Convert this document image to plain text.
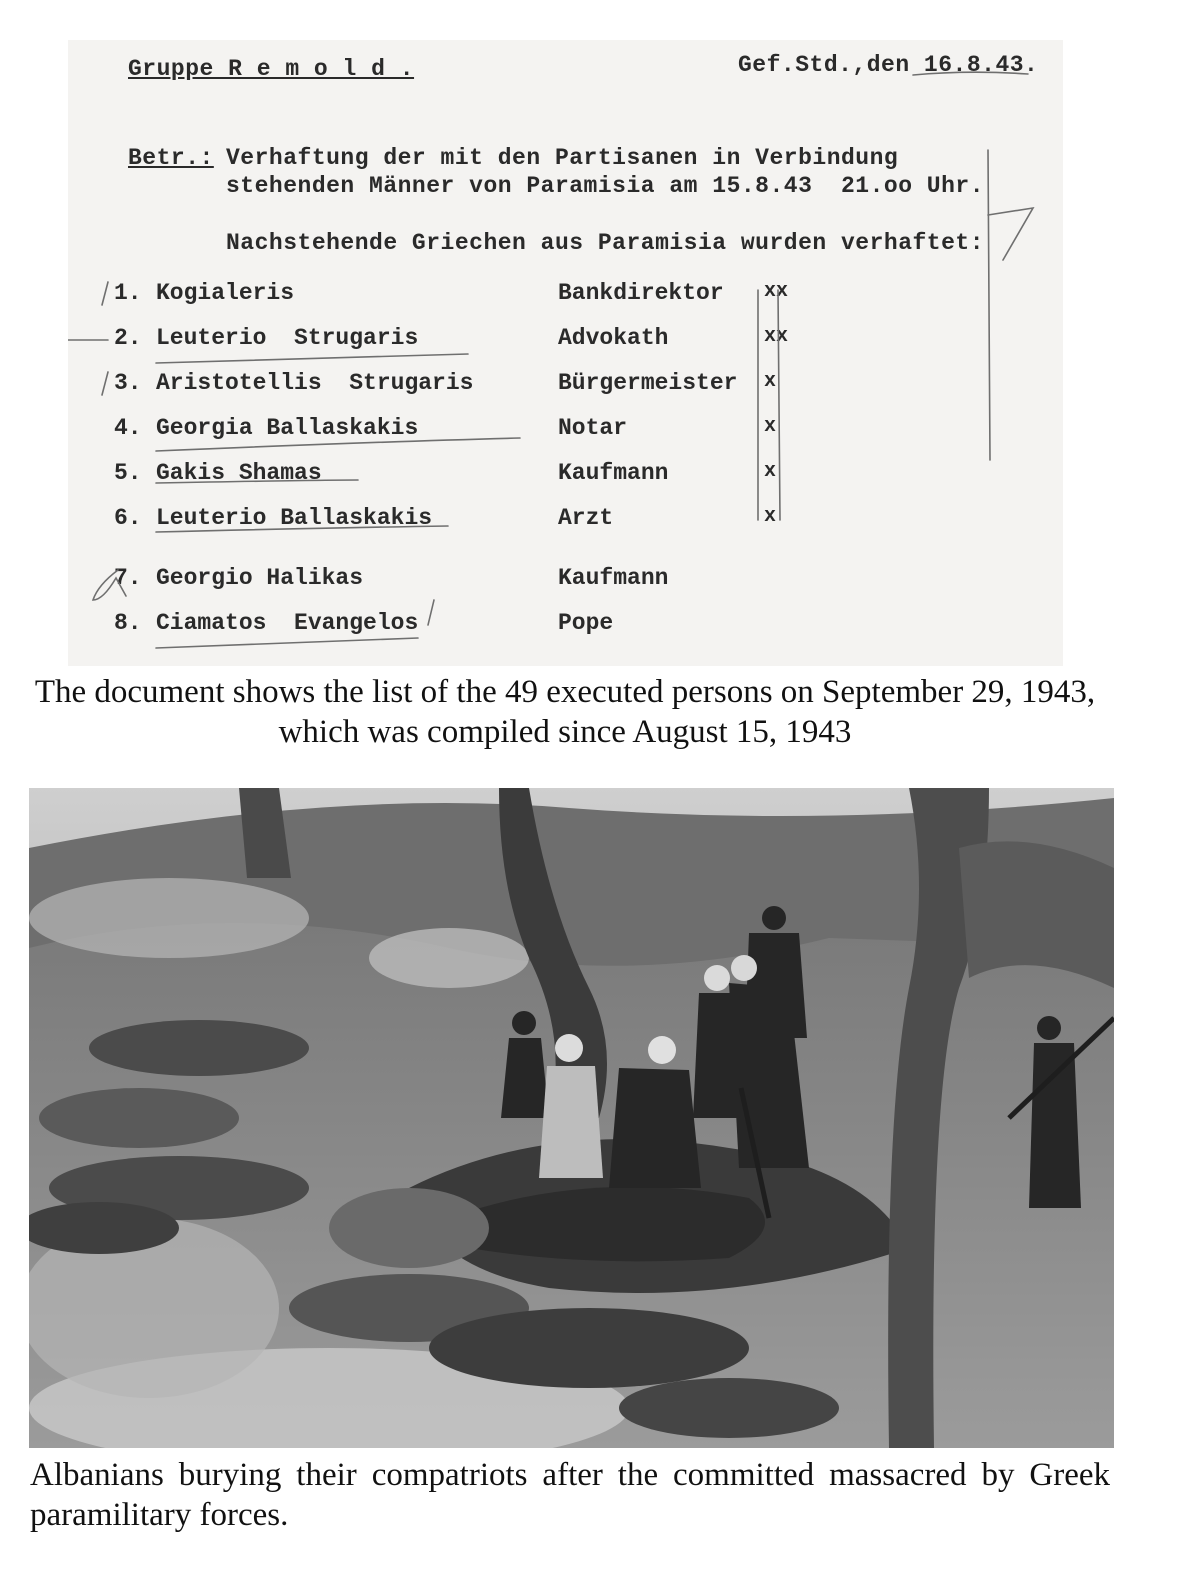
Gruppe R e m o l d .	Gef.Std.,den 16.8.43.
Betr.: Verhaftung der mit den Partisanen in Verbindung
stehenden Männer von Paramisia am 15.8.43  21.oo Uhr.
Nachstehende Griechen aus Paramisia wurden verhaftet:
1. Kogialeris	Bankdirektor xx
2. Leuterio  Strugaris	Advokath	xx
3. Aristotellis  Strugaris	Bürgermeister x
4. Georgia Ballaskakis	Notar	x
5. Gakis Shamas	Kaufmann	x
6. Leuterio Ballaskakis	Arzt	x
7. Georgio Halikas	Kaufmann
8. Ciamatos  Evangelos	Pope
The document shows the list of the 49 executed persons on September 29, 1943, which was compiled since August 15, 1943
Albanians burying their compatriots after the committed massacred by Greek paramilitary forces.
